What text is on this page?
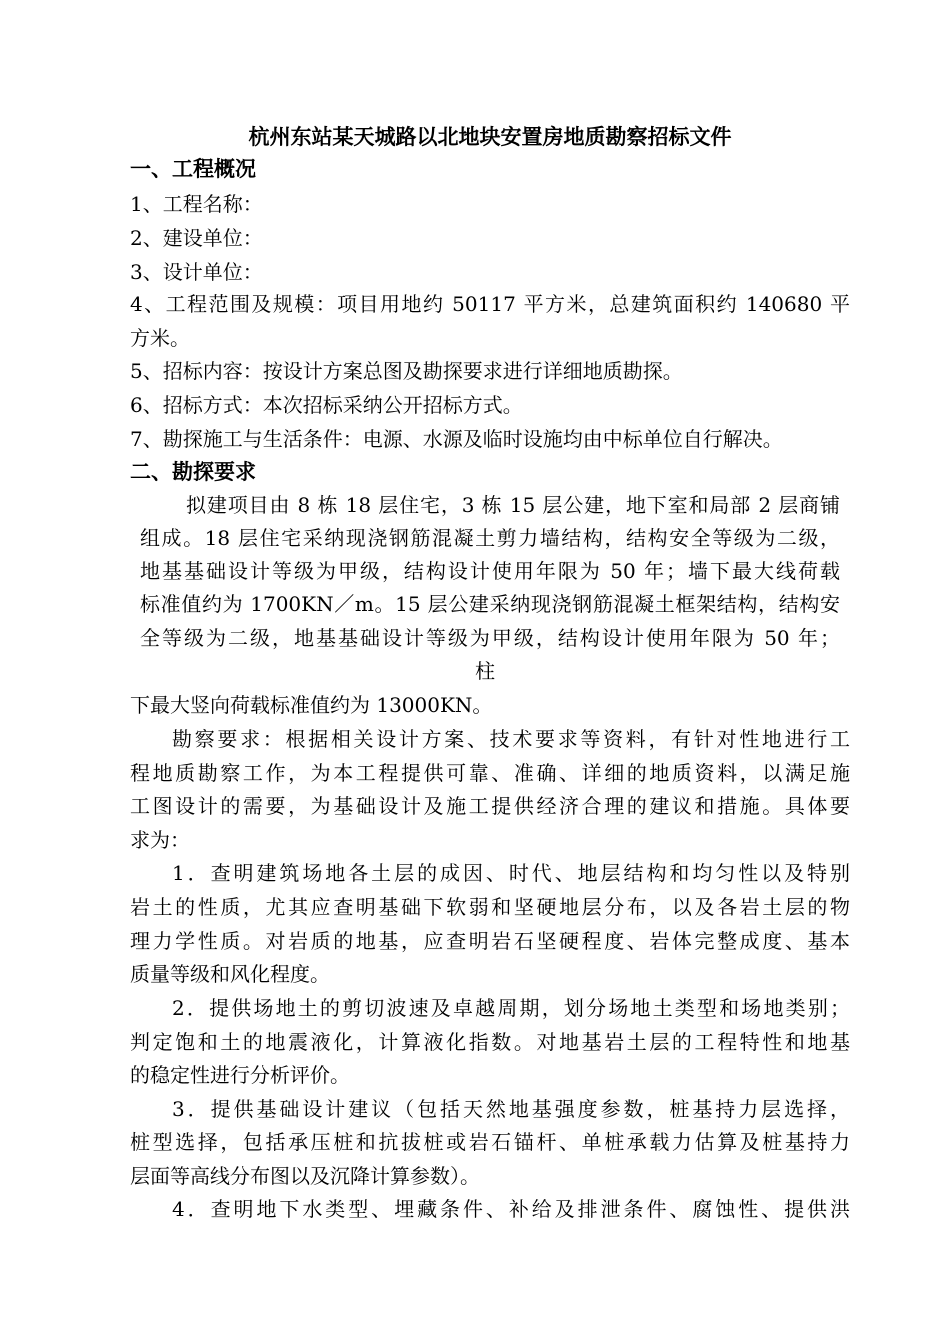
杭州东站某天城路以北地块安置房地质勘察招标文件
一、工程概况
1、工程名称：
2、建设单位：
3、设计单位：
4、工程范围及规模：项目用地约 50117 平方米，总建筑面积约 140680 平
方米。
5、招标内容：按设计方案总图及勘探要求进行详细地质勘探。
6、招标方式：本次招标采纳公开招标方式。
7、勘探施工与生活条件：电源、水源及临时设施均由中标单位自行解决。
二、勘探要求
拟建项目由 8 栋 18 层住宅，3 栋 15 层公建，地下室和局部 2 层商铺
组成。18 层住宅采纳现浇钢筋混凝土剪力墙结构，结构安全等级为二级，
地基基础设计等级为甲级，结构设计使用年限为 50 年；墙下最大线荷载
标准值约为 1700KN／m。15 层公建采纳现浇钢筋混凝土框架结构，结构安
全等级为二级，地基基础设计等级为甲级，结构设计使用年限为 50 年；
柱
下最大竖向荷载标准值约为 13000KN。
勘察要求：根据相关设计方案、技术要求等资料，有针对性地进行工
程地质勘察工作，为本工程提供可靠、准确、详细的地质资料，以满足施
工图设计的需要，为基础设计及施工提供经济合理的建议和措施。具体要
求为：
1．查明建筑场地各土层的成因、时代、地层结构和均匀性以及特别
岩土的性质，尤其应查明基础下软弱和坚硬地层分布，以及各岩土层的物
理力学性质。对岩质的地基，应查明岩石坚硬程度、岩体完整成度、基本
质量等级和风化程度。
2．提供场地土的剪切波速及卓越周期，划分场地土类型和场地类别；
判定饱和土的地震液化，计算液化指数。对地基岩土层的工程特性和地基
的稳定性进行分析评价。
3．提供基础设计建议（包括天然地基强度参数，桩基持力层选择，
桩型选择，包括承压桩和抗拔桩或岩石锚杆、单桩承载力估算及桩基持力
层面等高线分布图以及沉降计算参数）。
4．查明地下水类型、埋藏条件、补给及排泄条件、腐蚀性、提供洪
